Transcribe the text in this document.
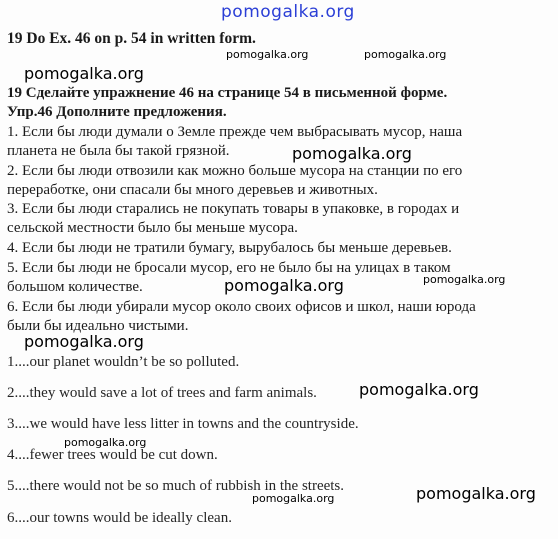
pomogalka.org
19 Do Ex. 46 on p. 54 in written form.
pomogalka.org	pomogalka.org
pomogalka.org
19 Сделайте упражнение 46 на странице 54 в письменной форме.
Упр.46 Дополните предложения.
1. Если бы люди думали о Земле прежде чем выбрасывать мусор, наша
планета не была бы такой грязной.	pomogalka.org
2. Если бы люди отвозили как можно больше мусора на станции по его
переработке, они спасали бы много деревьев и животных.
3. Если бы люди старались не покупать товары в упаковке, в городах и
сельской местности было бы меньше мусора.
4. Если бы люди не тратили бумагу, вырубалось бы меньше деревьев.
5. Если бы люди не бросали мусор, его не было бы на улицах в таком
pomogalka.org
большом количестве.	pomogalka.org
6. Если бы люди убирали мусор около своих офисов и школ, наши юрода
были бы идеально чистыми.
pomogalka.org
1....our planet wouldn’t be so polluted.
2....they would save a lot of trees and farm animals.	pomogalka.org
3....we would have less litter in towns and the countryside.
pomogalka.org
4....fewer trees would be cut down.
5....there would not be so much of rubbish in the streets.	pomogalka.org
pomogalka.org
6....our towns would be ideally clean.
